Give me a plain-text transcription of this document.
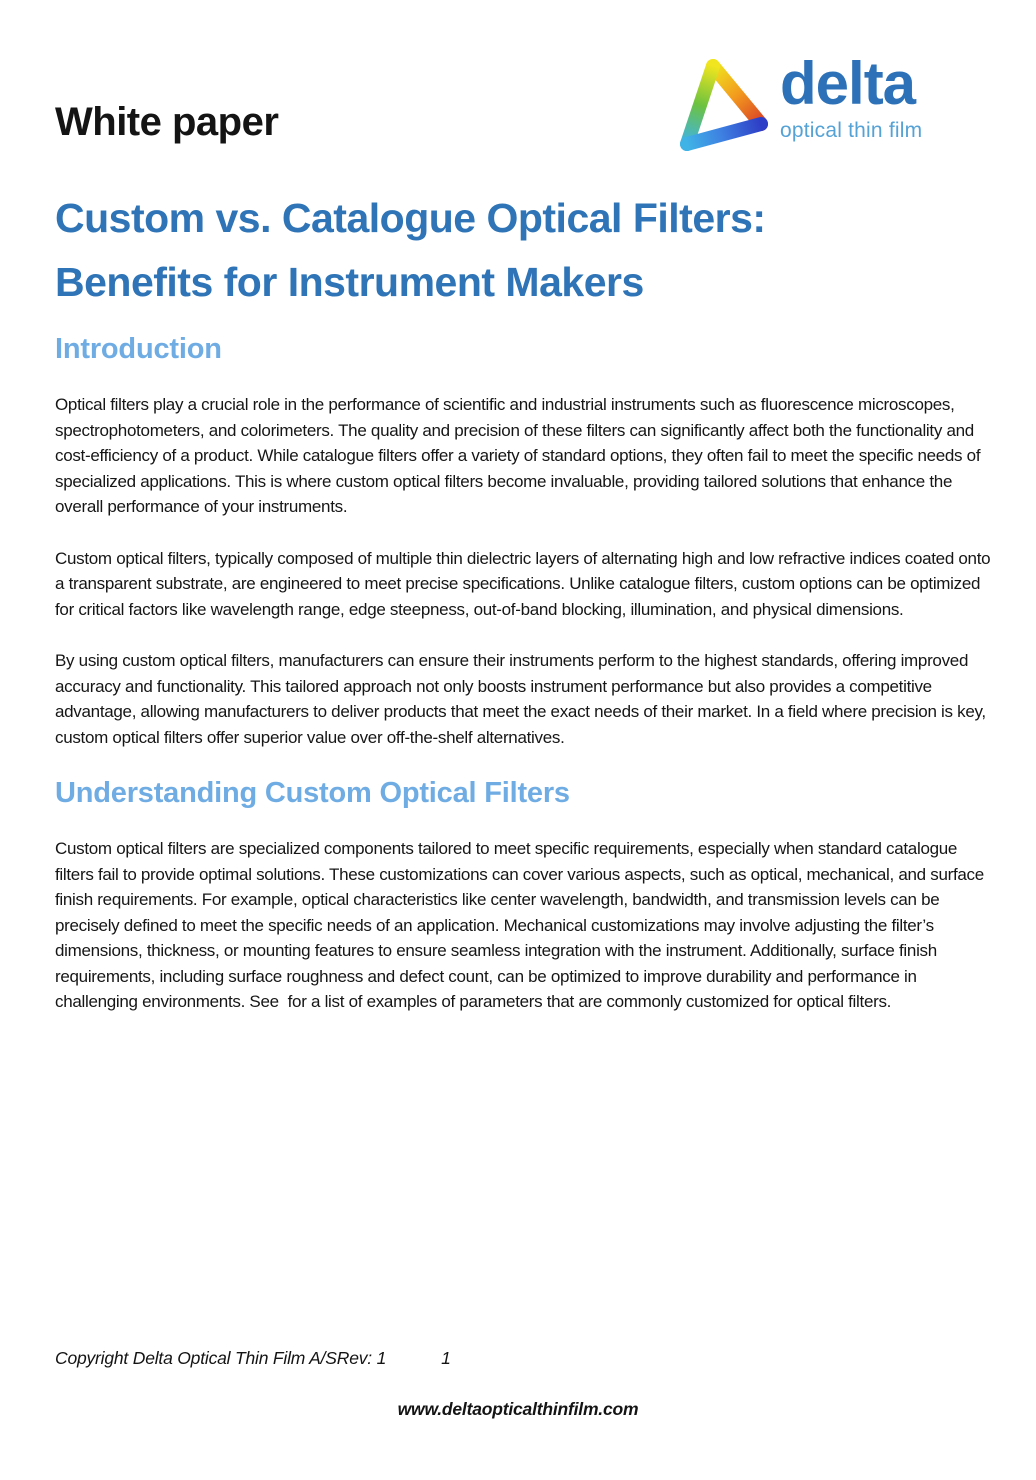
White paper
delta
optical thin film
Custom vs. Catalogue Optical Filters:
Benefits for Instrument Makers
Introduction

Optical filters play a crucial role in the performance of scientific and industrial instruments such as fluorescence microscopes, spectrophotometers, and colorimeters. The quality and precision of these filters can significantly affect both the functionality and cost-efficiency of a product. While catalogue filters offer a variety of standard options, they often fail to meet the specific needs of specialized applications. This is where custom optical filters become invaluable, providing tailored solutions that enhance the overall performance of your instruments.

Custom optical filters, typically composed of multiple thin dielectric layers of alternating high and low refractive indices coated onto a transparent substrate, are engineered to meet precise specifications. Unlike catalogue filters, custom options can be optimized for critical factors like wavelength range, edge steepness, out-of-band blocking, illumination, and physical dimensions.

By using custom optical filters, manufacturers can ensure their instruments perform to the highest standards, offering improved accuracy and functionality. This tailored approach not only boosts instrument performance but also provides a competitive advantage, allowing manufacturers to deliver products that meet the exact needs of their market. In a field where precision is key, custom optical filters offer superior value over off-the-shelf alternatives.

Understanding Custom Optical Filters

Custom optical filters are specialized components tailored to meet specific requirements, especially when standard catalogue filters fail to provide optimal solutions. These customizations can cover various aspects, such as optical, mechanical, and surface finish requirements. For example, optical characteristics like center wavelength, bandwidth, and transmission levels can be precisely defined to meet the specific needs of an application. Mechanical customizations may involve adjusting the filter’s dimensions, thickness, or mounting features to ensure seamless integration with the instrument. Additionally, surface finish requirements, including surface roughness and defect count, can be optimized to improve durability and performance in challenging environments. See  for a list of examples of parameters that are commonly customized for optical filters.

Copyright Delta Optical Thin Film A/SRev: 1	1
www.deltaopticalthinfilm.com
